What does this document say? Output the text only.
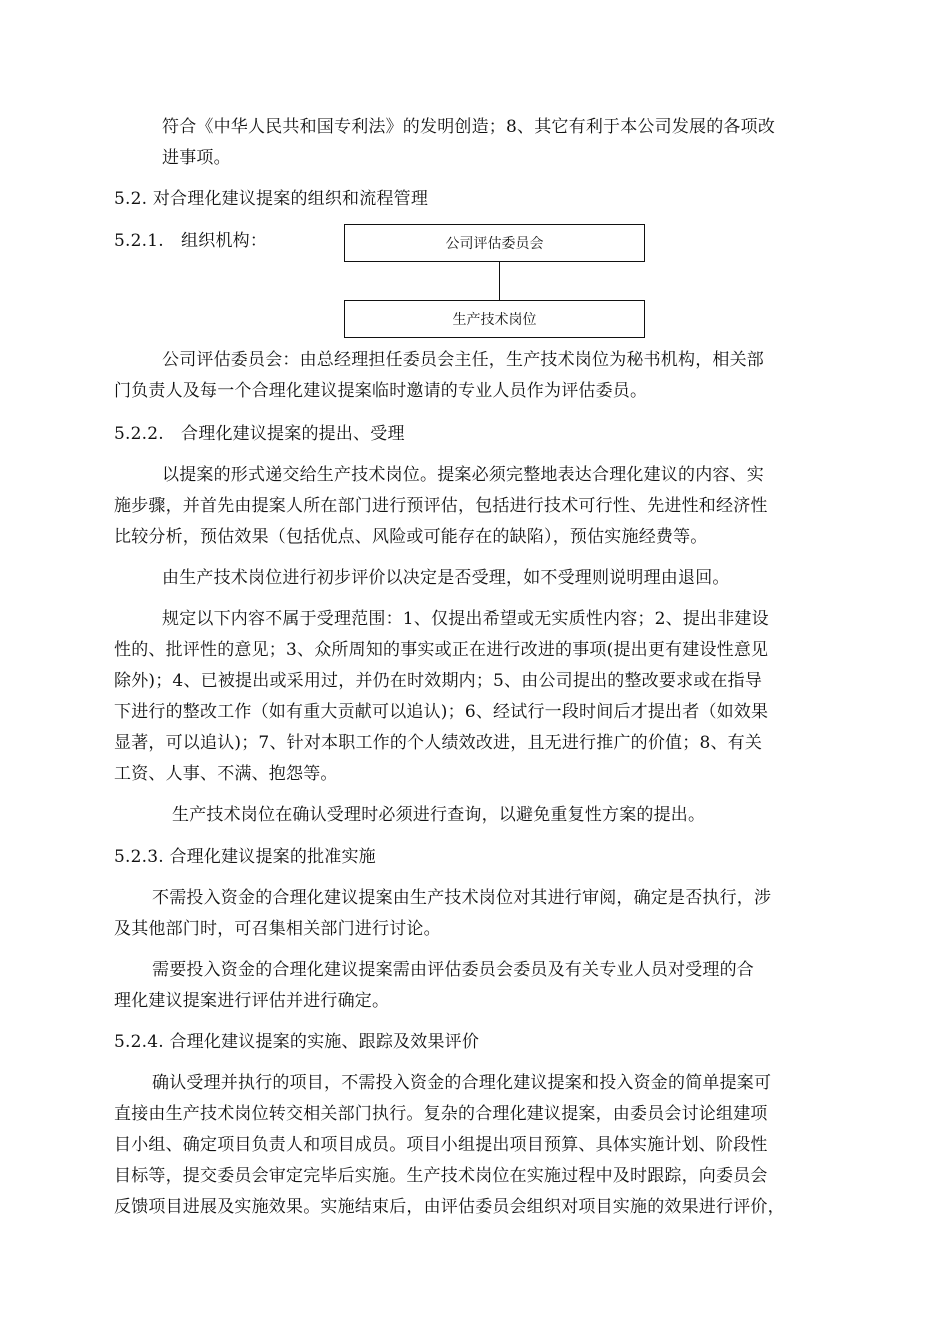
符合《中华人民共和国专利法》的发明创造；8、其它有利于本公司发展的各项改
进事项。
5.2. 对合理化建议提案的组织和流程管理
5.2.1.　组织机构：	公司评估委员会
生产技术岗位
公司评估委员会：由总经理担任委员会主任，生产技术岗位为秘书机构，相关部
门负责人及每一个合理化建议提案临时邀请的专业人员作为评估委员。
5.2.2.　合理化建议提案的提出、受理
以提案的形式递交给生产技术岗位。提案必须完整地表达合理化建议的内容、实
施步骤，并首先由提案人所在部门进行预评估，包括进行技术可行性、先进性和经济性
比较分析，预估效果（包括优点、风险或可能存在的缺陷），预估实施经费等。
由生产技术岗位进行初步评价以决定是否受理，如不受理则说明理由退回。
规定以下内容不属于受理范围：1、仅提出希望或无实质性内容；2、提出非建设
性的、批评性的意见；3、众所周知的事实或正在进行改进的事项(提出更有建设性意见
除外)；4、已被提出或采用过，并仍在时效期内；5、由公司提出的整改要求或在指导
下进行的整改工作（如有重大贡献可以追认)；6、经试行一段时间后才提出者（如效果
显著，可以追认)；7、针对本职工作的个人绩效改进，且无进行推广的价值；8、有关
工资、人事、不满、抱怨等。
生产技术岗位在确认受理时必须进行查询，以避免重复性方案的提出。
5.2.3. 合理化建议提案的批准实施
不需投入资金的合理化建议提案由生产技术岗位对其进行审阅，确定是否执行，涉
及其他部门时，可召集相关部门进行讨论。
需要投入资金的合理化建议提案需由评估委员会委员及有关专业人员对受理的合
理化建议提案进行评估并进行确定。
5.2.4. 合理化建议提案的实施、跟踪及效果评价
确认受理并执行的项目，不需投入资金的合理化建议提案和投入资金的简单提案可
直接由生产技术岗位转交相关部门执行。复杂的合理化建议提案，由委员会讨论组建项
目小组、确定项目负责人和项目成员。项目小组提出项目预算、具体实施计划、阶段性
目标等，提交委员会审定完毕后实施。生产技术岗位在实施过程中及时跟踪，向委员会
反馈项目进展及实施效果。实施结束后，由评估委员会组织对项目实施的效果进行评价，
